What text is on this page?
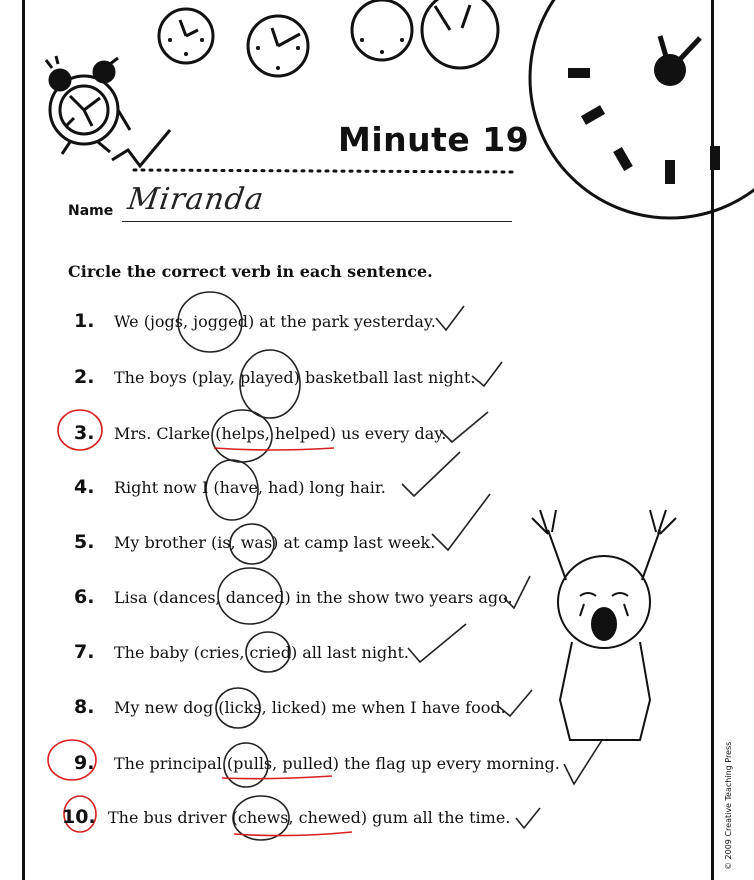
Minute 19
Name Miranda
Circle the correct verb in each sentence.
1.	We (jogs, jogged) at the park yesterday.
2.	The boys (play, played) basketball last night.
3.	Mrs. Clarke (helps, helped) us every day.
4.	Right now I (have, had) long hair.
5.	My brother (is, was) at camp last week.
6.	Lisa (dances, danced) in the show two years ago.
7.	The baby (cries, cried) all last night.
8.	My new dog (licks, licked) me when I have food.
9.	The principal (pulls, pulled) the flag up every morning.
10. The bus driver (chews, chewed) gum all the time.	© 2009 Creative Teaching Press
